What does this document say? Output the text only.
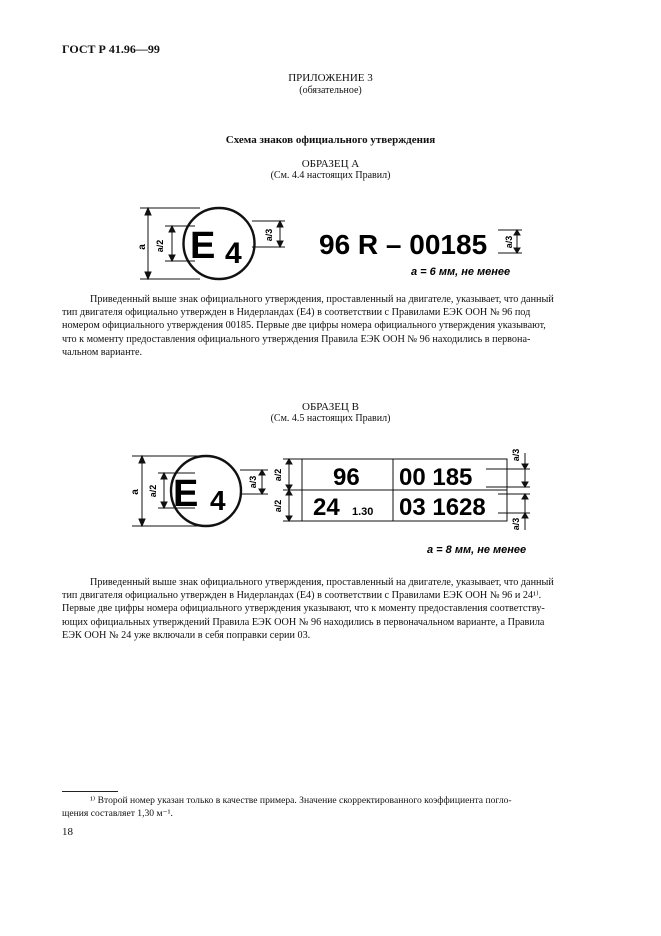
ГОСТ Р 41.96—99
ПРИЛОЖЕНИЕ 3
(обязательное)
Схема знаков официального утверждения
ОБРАЗЕЦ А
(См. 4.4 настоящих Правил)
a a/2
a/3
a/3
E 4	96 R – 00185
a = 6 мм, не менее
Приведенный выше знак официального утверждения, проставленный на двигателе, указывает, что данный
тип двигателя официально утвержден в Нидерландах (E4) в соответствии с Правилами ЕЭК ООН № 96 под
номером официального утверждения 00185. Первые две цифры номера официального утверждения указывают,
что к моменту предоставления официального утверждения Правила ЕЭК ООН № 96 находились в первона-
чальном варианте.
ОБРАЗЕЦ В
(См. 4.5 настоящих Правил)
a a/2
a/3
a/2
a/2
a/3
a/3
E 4
96 00 185
24 1.30 03 1628
a = 8 мм, не менее
Приведенный выше знак официального утверждения, проставленный на двигателе, указывает, что данный
тип двигателя официально утвержден в Нидерландах (E4) в соответствии с Правилами ЕЭК ООН № 96 и 24¹⁾.
Первые две цифры номера официального утверждения указывают, что к моменту предоставления соответству-
ющих официальных утверждений Правила ЕЭК ООН № 96 находились в первоначальном варианте, а Правила
ЕЭК ООН № 24 уже включали в себя поправки серии 03.
¹⁾ Второй номер указан только в качестве примера. Значение скорректированного коэффициента погло-
щения составляет 1,30 м⁻¹.
18
